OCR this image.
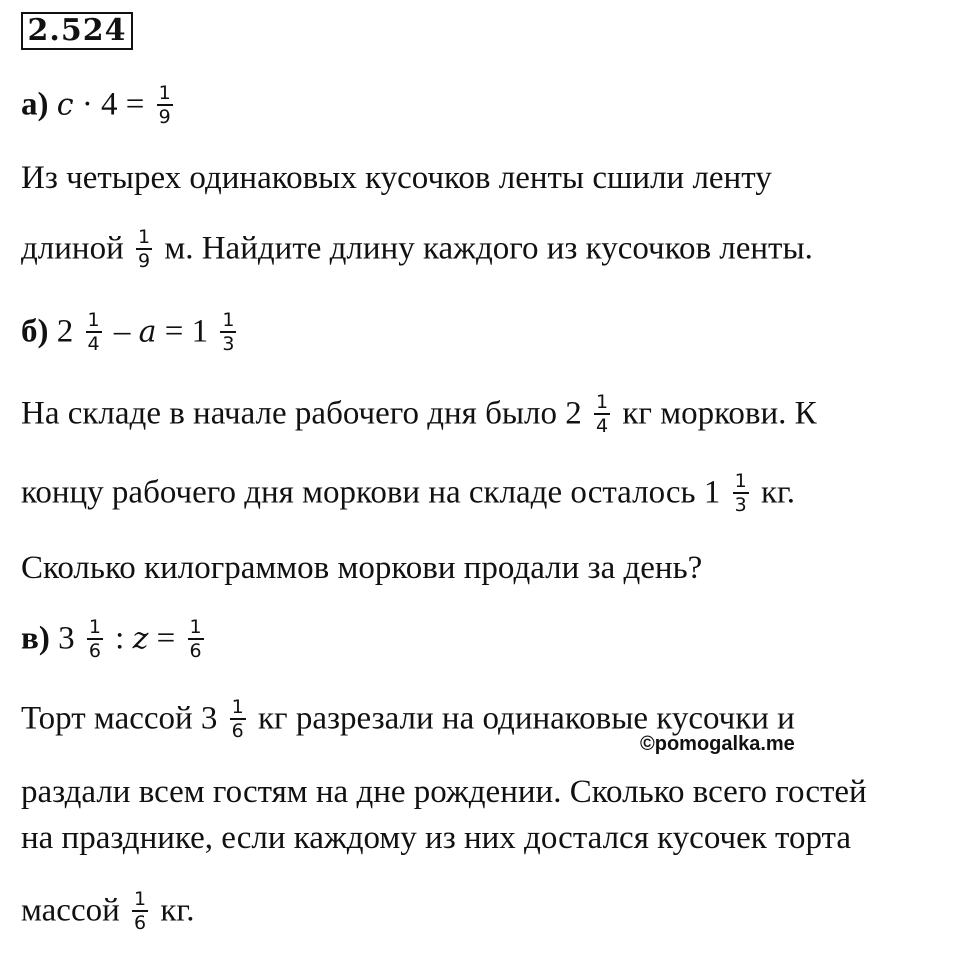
2.524
а) $c \cdot 4 = \frac{1}{9}$
Из четырех одинаковых кусочков ленты сшили ленту
длиной $\frac{1}{9} м$. Найдите длину каждого из кусочков ленты.
б) $2 \frac{1}{4} - a = 1 \frac{1}{3}$
На складе в начале рабочего дня было $2 \frac{1}{4}$ кг моркови. К
концу рабочего дня моркови на складе осталось $1 \frac{1}{3}$ кг.
Сколько килограммов моркови продали за день?
в) $3 \frac{1}{6}$ : $z = \frac{1}{6}$
Торт массой $3 \frac{1}{6}$ кг разрезали на одинаковые кусочки и
©pomogalka.me
раздали всем гостям на дне рождении. Сколько всего гостей
на празднике, если каждому из них достался кусочек торта
массой $\frac{1}{6}$ кг.
